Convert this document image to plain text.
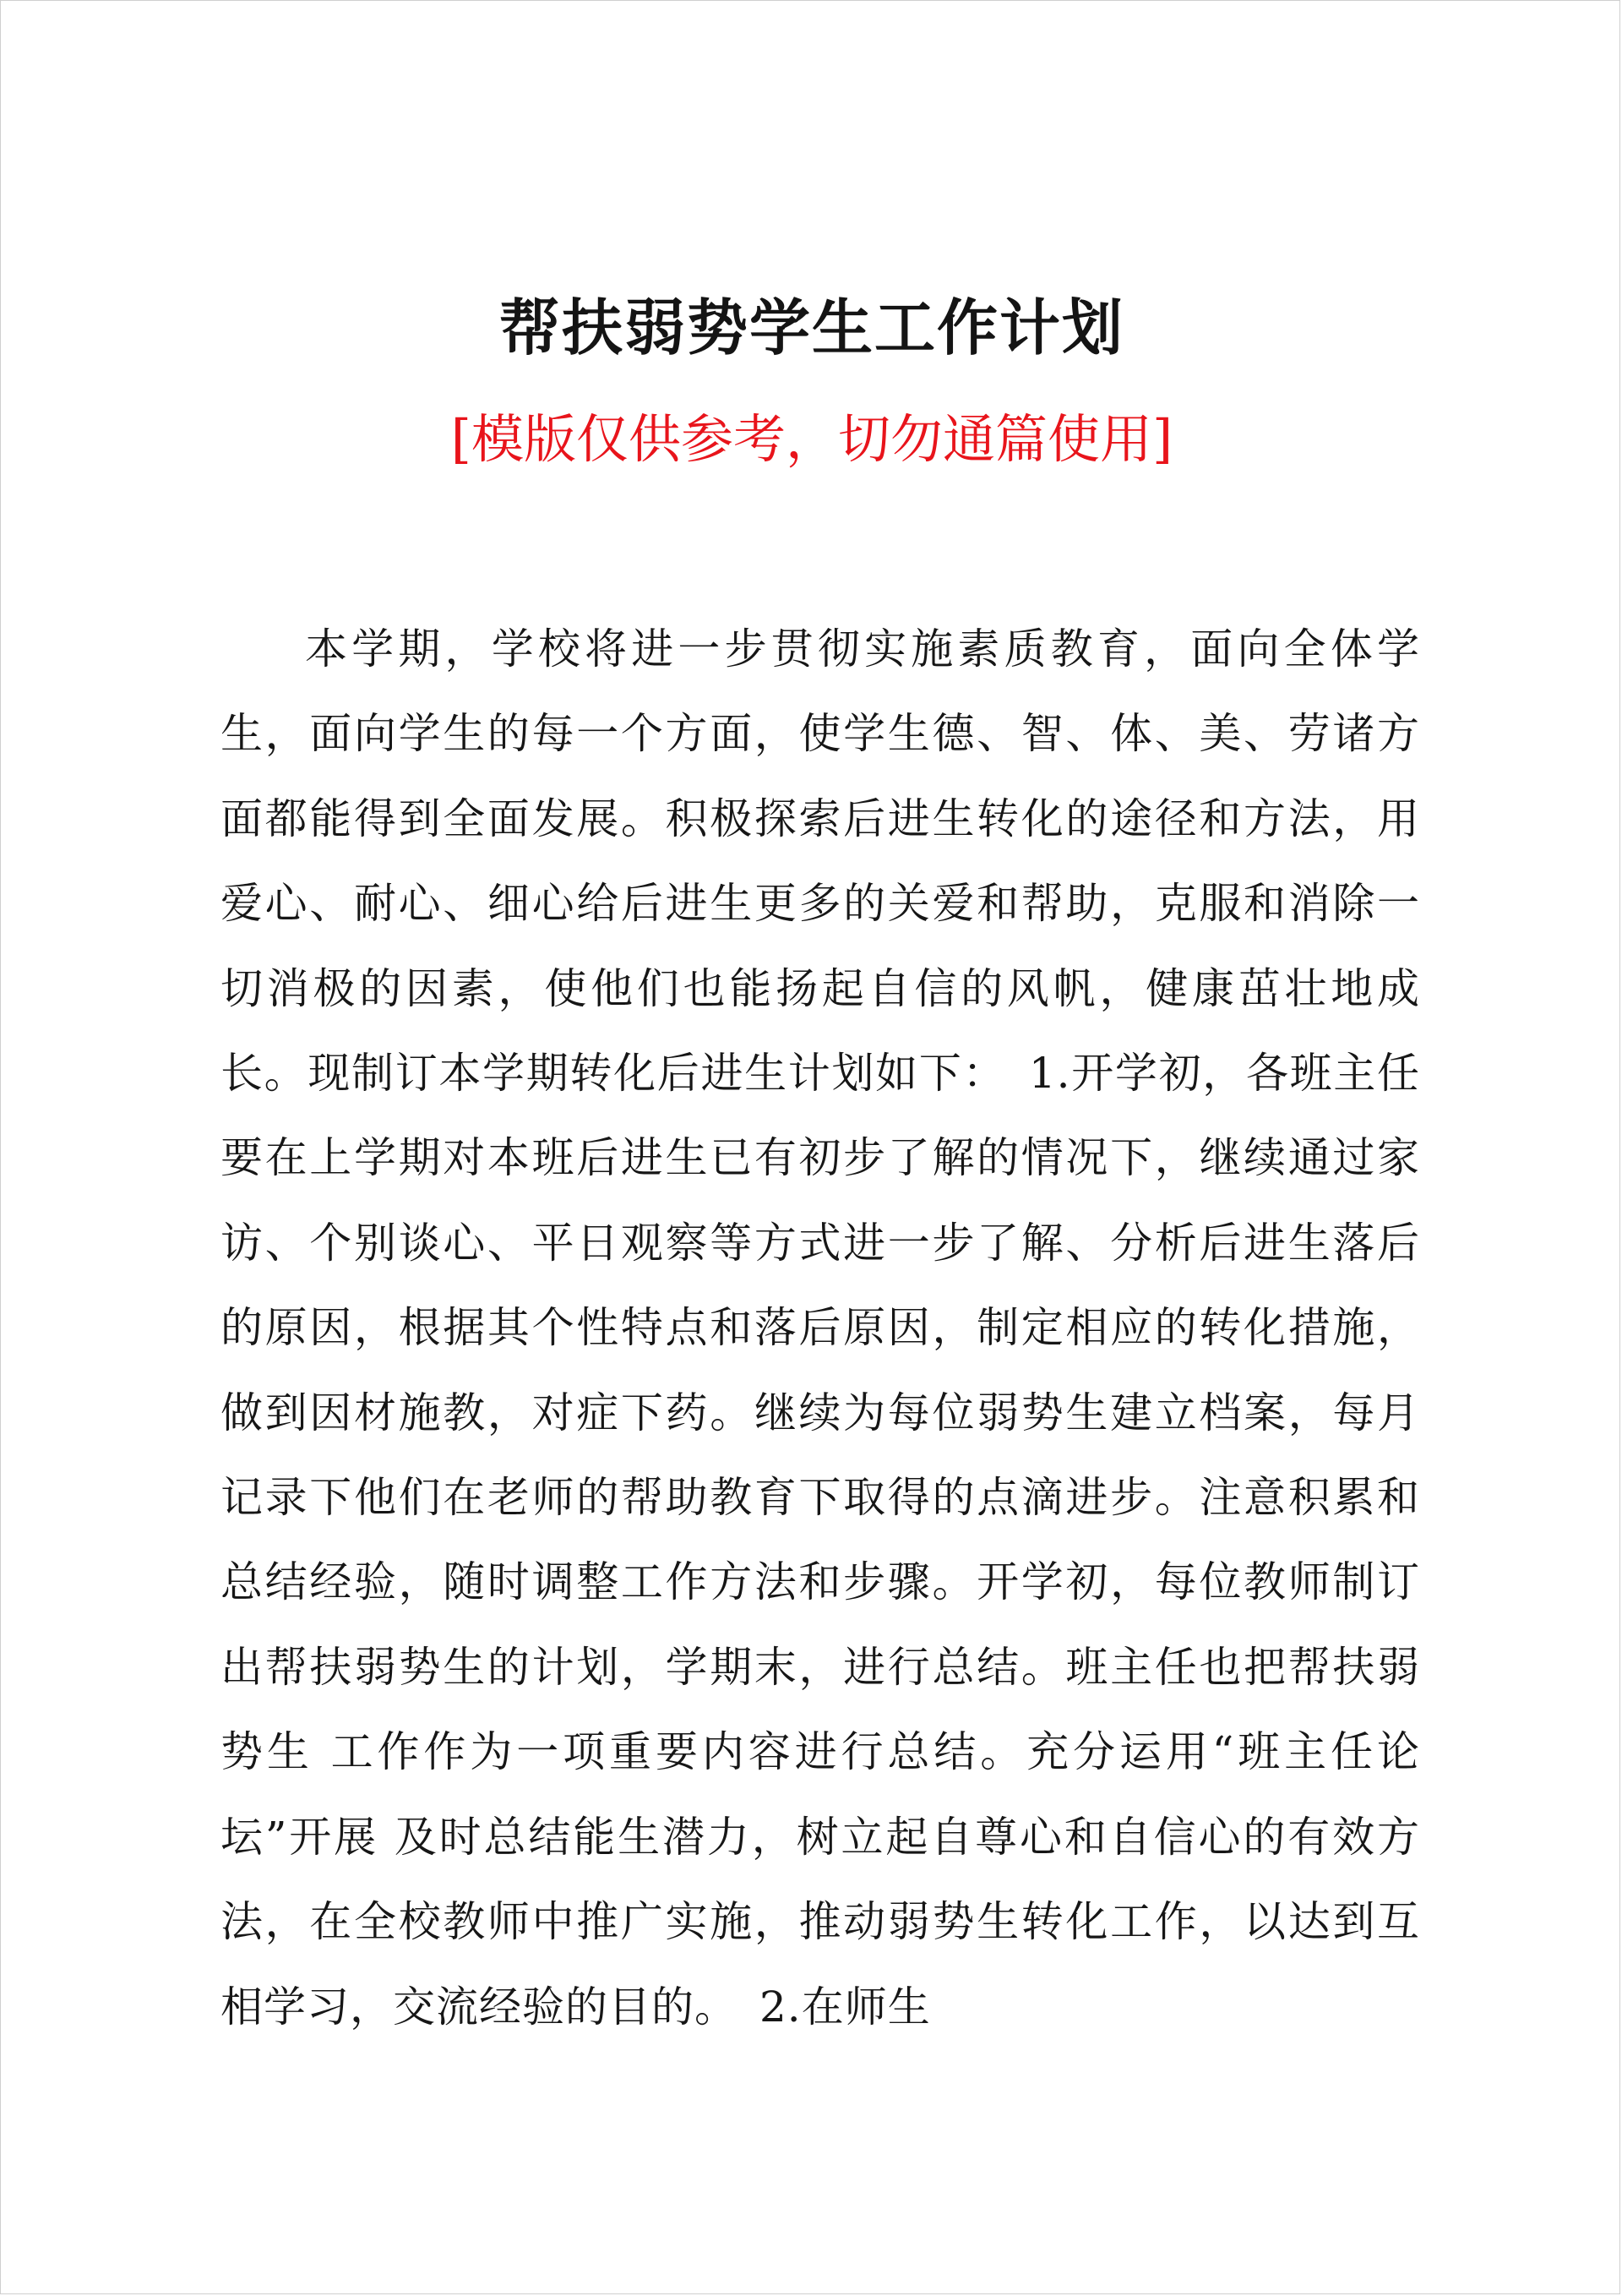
帮扶弱势学生工作计划
[模版仅供参考，切勿通篇使用]

本学期，学校将进一步贯彻实施素质教育，面向全体学生，面向学生的每一个方面，使学生德、智、体、美、劳诸方面都能得到全面发展。积极探索后进生转化的途径和方法，用爱心、耐心、细心给后进生更多的关爱和帮助，克服和消除一切消极的因素，使他们也能扬起自信的风帆，健康茁壮地成长。现制订本学期转化后进生计划如下：　1.开学初，各班主任要在上学期对本班后进生已有初步了解的情况下，继续通过家访、个别谈心、平日观察等方式进一步了解、分析后进生落后的原因，根据其个性特点和落后原因，制定相应的转化措施，做到因材施教，对症下药。继续为每位弱势生建立档案，每月记录下他们在老师的帮助教育下取得的点滴进步。注意积累和总结经验，随时调整工作方法和步骤。开学初，每位教师制订出帮扶弱势生的计划，学期末，进行总结。班主任也把帮扶弱势生 工作作为一项重要内容进行总结。充分运用“班主任论坛”开展 及时总结能生潜力，树立起自尊心和自信心的有效方法，在全校教师中推广实施，推动弱势生转化工作，以达到互相学习，交流经验的目的。　2.在师生
